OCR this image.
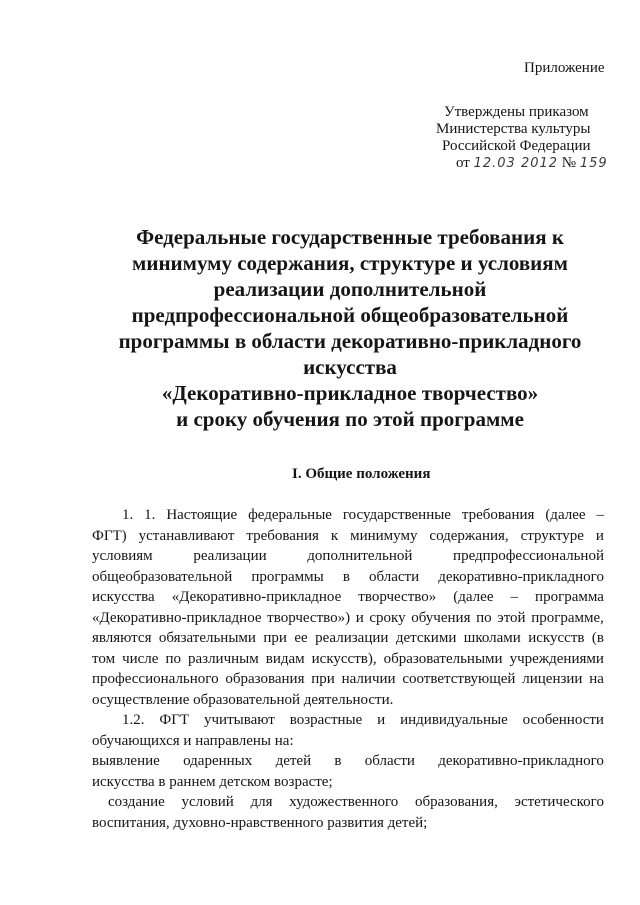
Приложение
Утверждены приказом
Министерства культуры
Российской Федерации
от 12.03 2012 № 159
Федеральные государственные требования к
минимуму содержания, структуре и условиям
реализации дополнительной
предпрофессиональной общеобразовательной
программы в области декоративно-прикладного
искусства
«Декоративно-прикладное творчество»
и сроку обучения по этой программе
I. Общие положения
1. 1. Настоящие федеральные государственные требования (далее –
ФГТ) устанавливают требования к минимуму содержания, структуре и
условиям	реализации	дополнительной	предпрофессиональной
общеобразовательной программы в области декоративно-прикладного
искусства «Декоративно-прикладное творчество» (далее – программа
«Декоративно-прикладное творчество») и сроку обучения по этой программе,
являются обязательными при ее реализации детскими школами искусств (в
том числе по различным видам искусств), образовательными учреждениями
профессионального образования при наличии соответствующей лицензии на
осуществление образовательной деятельности.
1.2. ФГТ учитывают возрастные и индивидуальные особенности
обучающихся и направлены на:
выявление одаренных детей в области декоративно-прикладного
искусства в раннем детском возрасте;
создание условий для художественного образования, эстетического
воспитания, духовно-нравственного развития детей;
